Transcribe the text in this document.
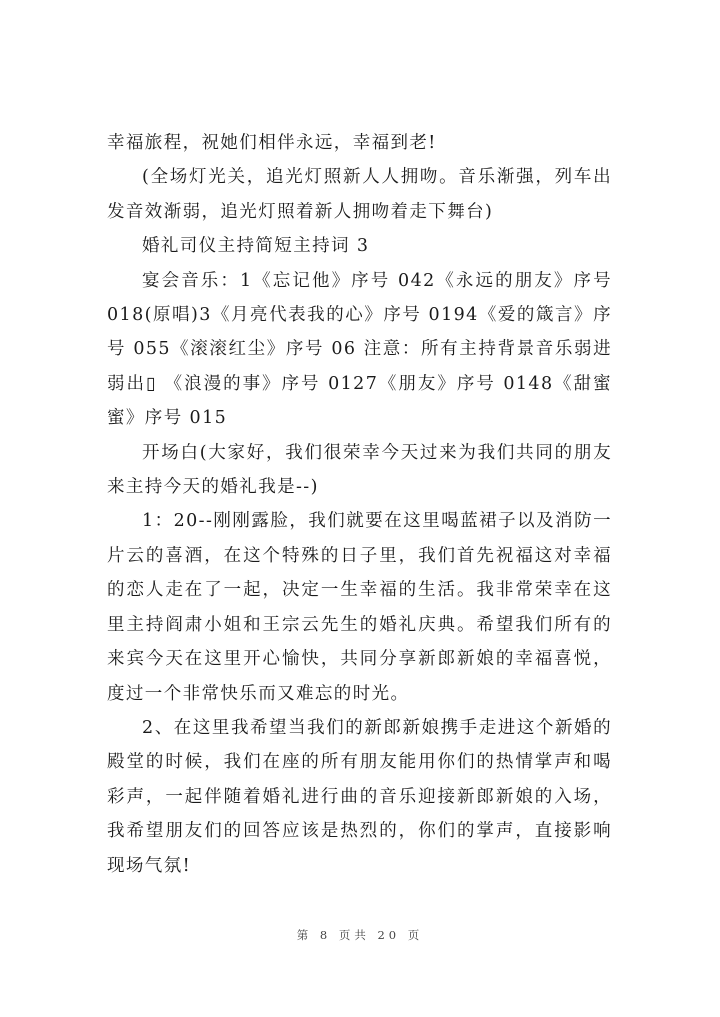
幸福旅程，祝她们相伴永远，幸福到老!

(全场灯光关，追光灯照新人人拥吻。音乐渐强，列车出发音效渐弱，追光灯照着新人拥吻着走下舞台)

婚礼司仪主持简短主持词 3

宴会音乐：1《忘记他》序号 042《永远的朋友》序号018(原唱)3《月亮代表我的心》序号 0194《爱的箴言》序号 055《滚滚红尘》序号 06 注意：所有主持背景音乐弱进弱出▯ 《浪漫的事》序号 0127《朋友》序号 0148《甜蜜蜜》序号 015

开场白(大家好，我们很荣幸今天过来为我们共同的朋友来主持今天的婚礼我是--)

1：20--刚刚露脸，我们就要在这里喝蓝裙子以及消防一片云的喜酒，在这个特殊的日子里，我们首先祝福这对幸福的恋人走在了一起，决定一生幸福的生活。我非常荣幸在这里主持阎肃小姐和王宗云先生的婚礼庆典。希望我们所有的来宾今天在这里开心愉快，共同分享新郎新娘的幸福喜悦，度过一个非常快乐而又难忘的时光。

2、在这里我希望当我们的新郎新娘携手走进这个新婚的殿堂的时候，我们在座的所有朋友能用你们的热情掌声和喝彩声，一起伴随着婚礼进行曲的音乐迎接新郎新娘的入场，我希望朋友们的回答应该是热烈的，你们的掌声，直接影响现场气氛!

第 8 页共 20 页
